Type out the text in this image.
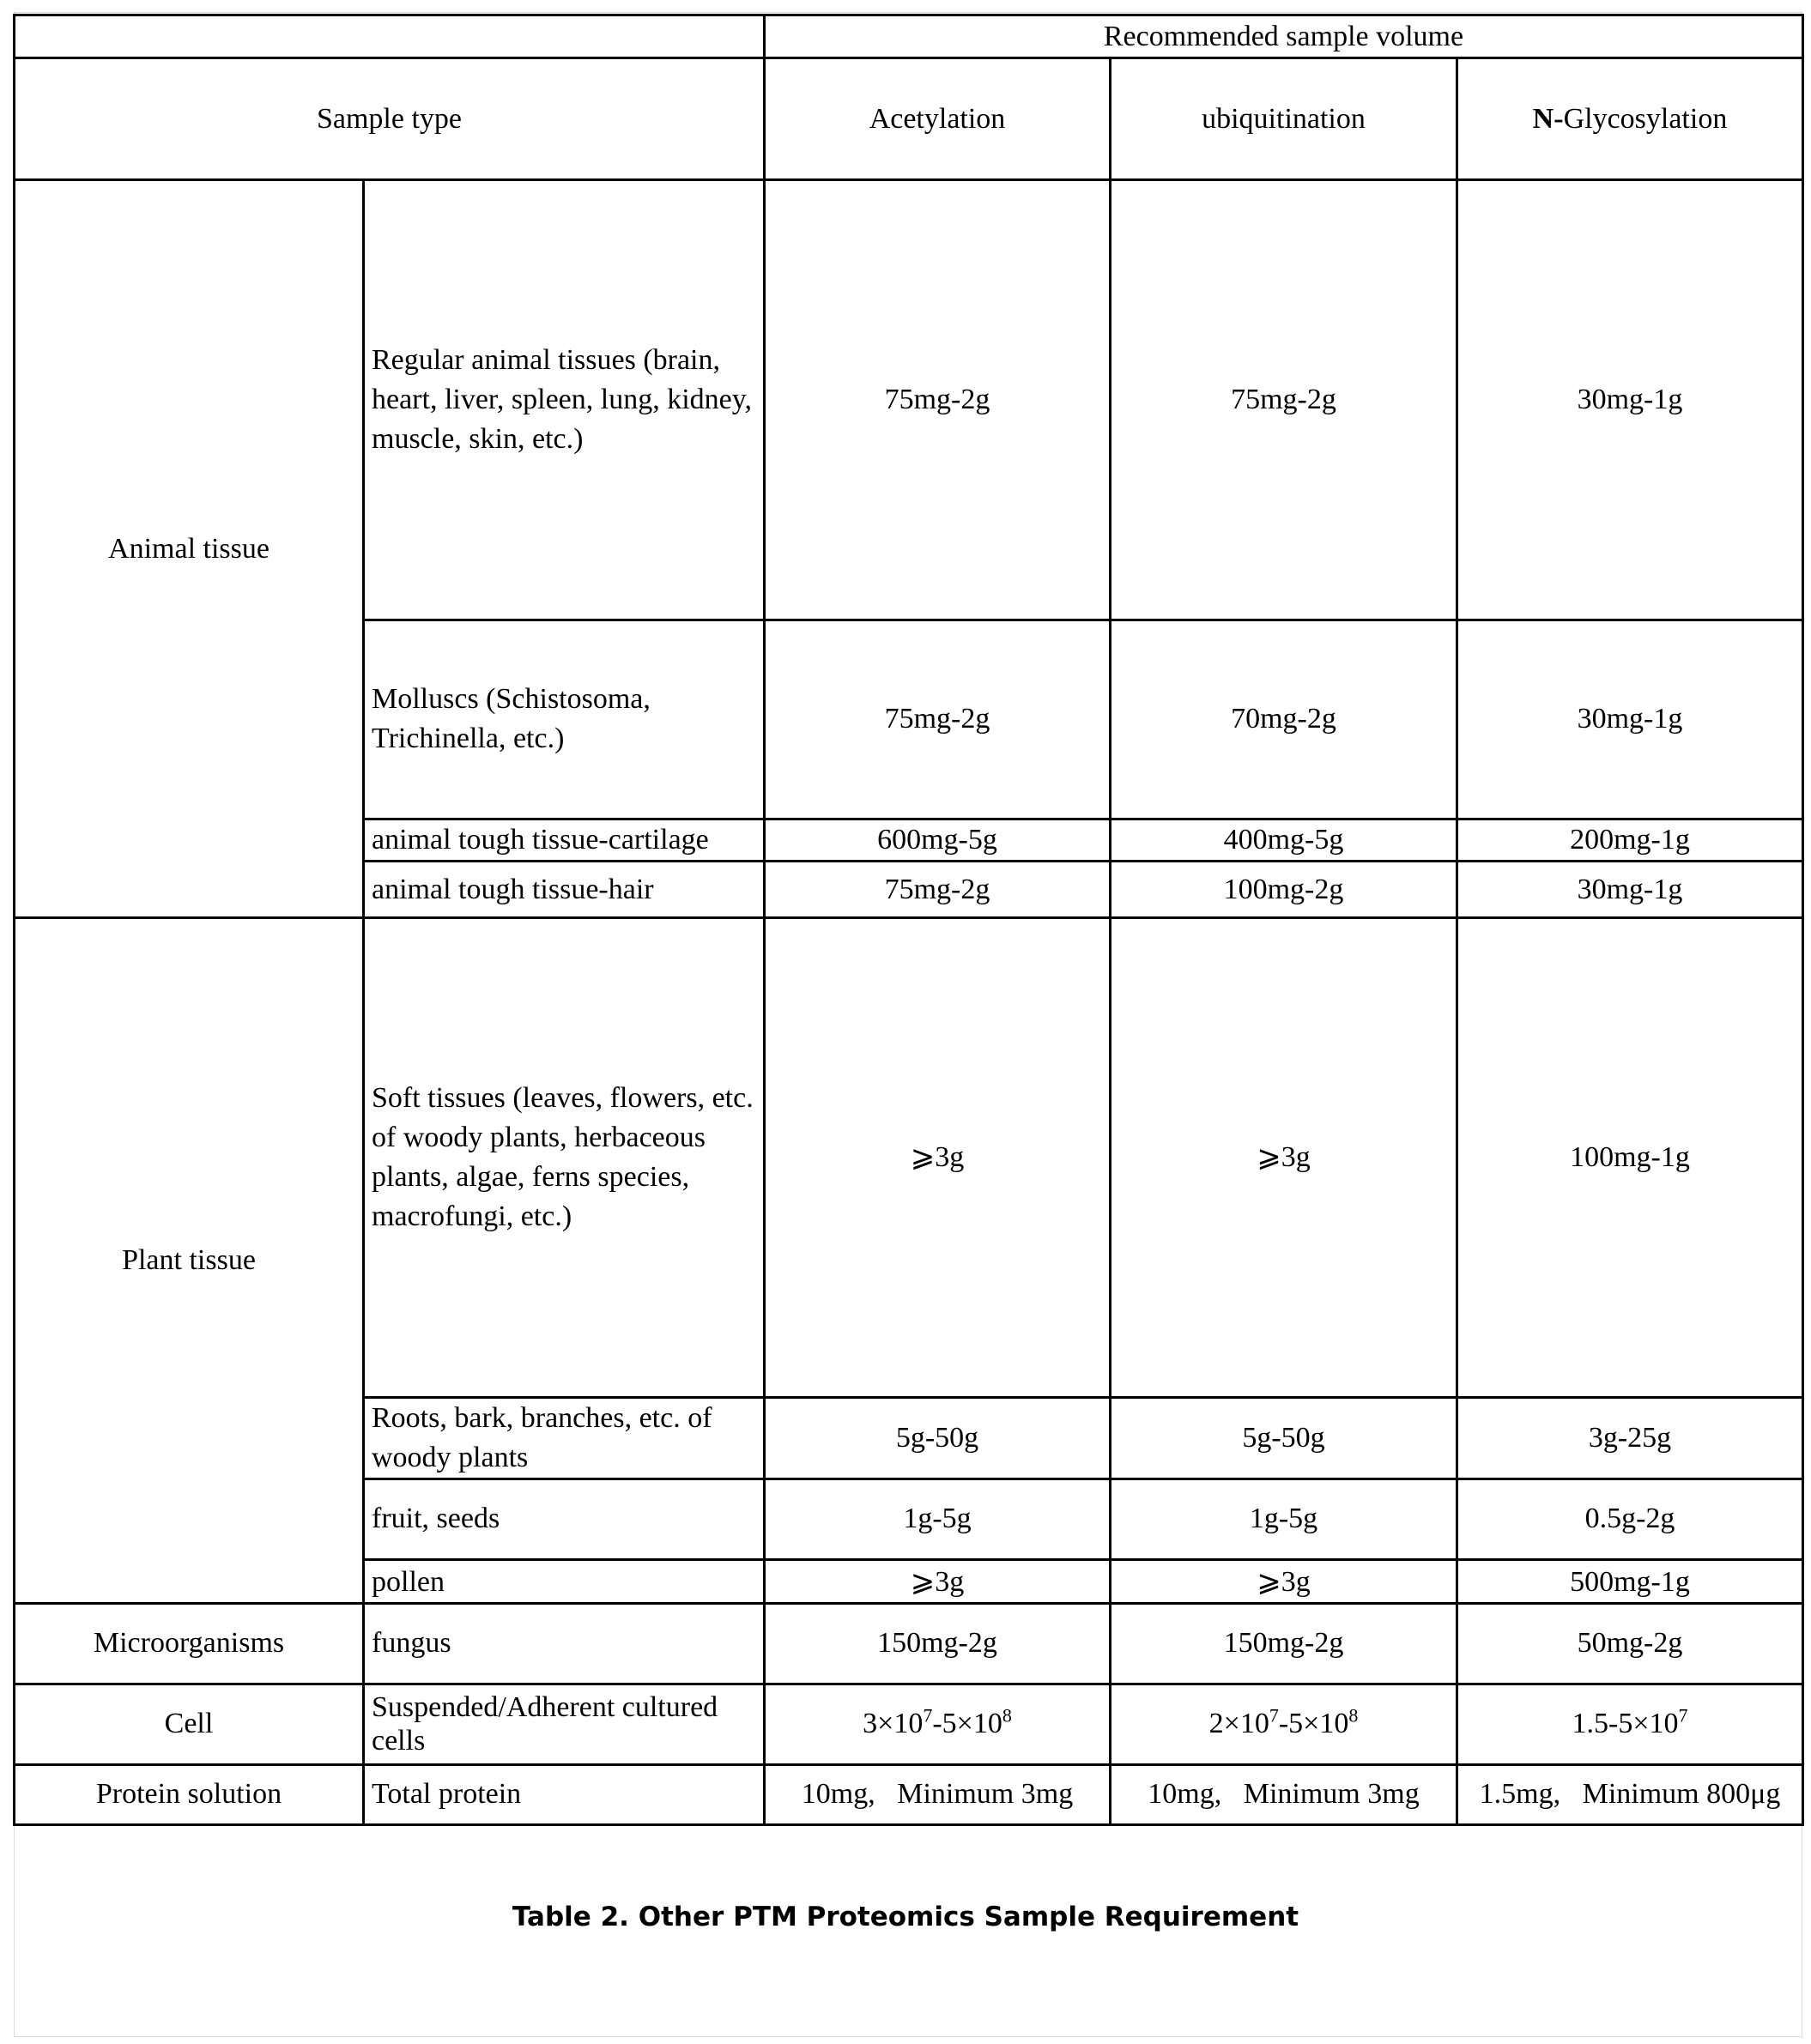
		Recommended sample volume		
Sample type		Acetylation	ubiquitination	N-Glycosylation
Animal tissue	Regular animal tissues (brain, heart, liver, spleen, lung, kidney, muscle, skin, etc.)	75mg-2g	75mg-2g	30mg-1g
	Molluscs (Schistosoma, Trichinella, etc.)	75mg-2g	70mg-2g	30mg-1g
	animal tough tissue-cartilage	600mg-5g	400mg-5g	200mg-1g
	animal tough tissue-hair	75mg-2g	100mg-2g	30mg-1g
Plant tissue	Soft tissues (leaves, flowers, etc. of woody plants, herbaceous plants, algae, ferns species, macrofungi, etc.)	⩾3g	⩾3g	100mg-1g
	Roots, bark, branches, etc. of woody plants	5g-50g	5g-50g	3g-25g
	fruit, seeds	1g-5g	1g-5g	0.5g-2g
	pollen	⩾3g	⩾3g	500mg-1g
Microorganisms	fungus	150mg-2g	150mg-2g	50mg-2g
Cell	Suspended/Adherent cultured cells	$3\times 10^7-5\times 10^8$	$2\times 10^7-5\times 10^8$	$1.5-5\times 10^7$
Protein solution	Total protein	10mg,   Minimum 3mg	10mg,   Minimum 3mg	1.5mg,   Minimum 800μg
Table 2. Other PTM Proteomics Sample Requirement
